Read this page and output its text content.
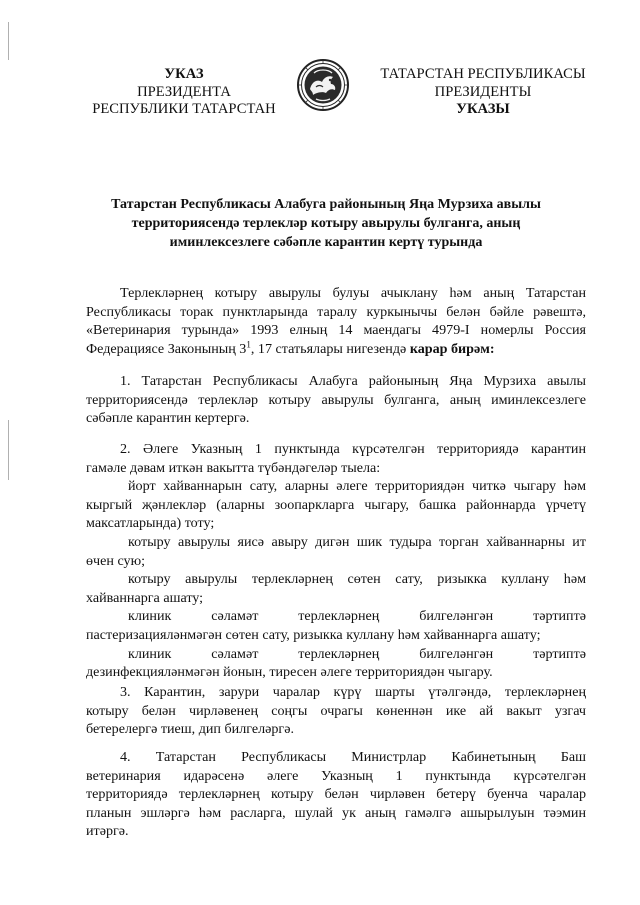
УКАЗ
ПРЕЗИДЕНТА
РЕСПУБЛИКИ ТАТАРСТАН
ТАТАРСТАН РЕСПУБЛИКАСЫ
ПРЕЗИДЕНТЫ
УКАЗЫ
Татарстан Республикасы Алабуга районының Яңа Мурзиха авылы
территориясендә терлекләр котыру авырулы булганга, аның
иминлексезлеге сәбәпле карантин кертү турында
Терлекләрнең котыру авырулы булуы ачыклану һәм аның Татарстан
Республикасы торак пунктларында таралу куркынычы белән бәйле рәвештә,
«Ветеринария турында» 1993 елның 14 маендагы 4979-I номерлы Россия
Федерациясе Законының $3^1$, 17 статьялары нигезендә карар бирәм:
1. Татарстан Республикасы Алабуга районының Яңа Мурзиха авылы
территориясендә терлекләр котыру авырулы булганга, аның иминлексезлеге
сәбәпле карантин кертергә.
2. Әлеге Указның 1 пунктында күрсәтелгән территориядә карантин
гамәле дәвам иткән вакытта түбәндәгеләр тыела:
йорт хайваннарын сату, аларны әлеге территориядән читкә чыгару һәм
кыргый җәнлекләр (аларны зоопаркларга чыгару, башка районнарда үрчетү
максатларында) тоту;
котыру авырулы яисә авыру дигән шик тудыра торган хайваннарны ит
өчен сую;
котыру авырулы терлекләрнең сөтен сату, ризыкка куллану һәм
хайваннарга ашату;
клиник сәламәт терлекләрнең билгеләнгән тәртиптә
пастеризацияләнмәгән сөтен сату, ризыкка куллану һәм хайваннарга ашату;
клиник сәламәт терлекләрнең билгеләнгән тәртиптә
дезинфекцияләнмәгән йонын, тиресен әлеге территориядән чыгару.
3. Карантин, зарури чаралар күрү шарты үтәлгәндә, терлекләрнең
котыру белән чирләвенең соңгы очрагы көненнән ике ай вакыт узгач
бетерелергә тиеш, дип билгеләргә.
4. Татарстан Республикасы Министрлар Кабинетының Баш
ветеринария идарәсенә әлеге Указның 1 пунктында күрсәтелгән
территориядә терлекләрнең котыру белән чирләвен бетерү буенча чаралар
планын эшләргә һәм расларга, шулай ук аның гамәлгә ашырылуын тәэмин
итәргә.
